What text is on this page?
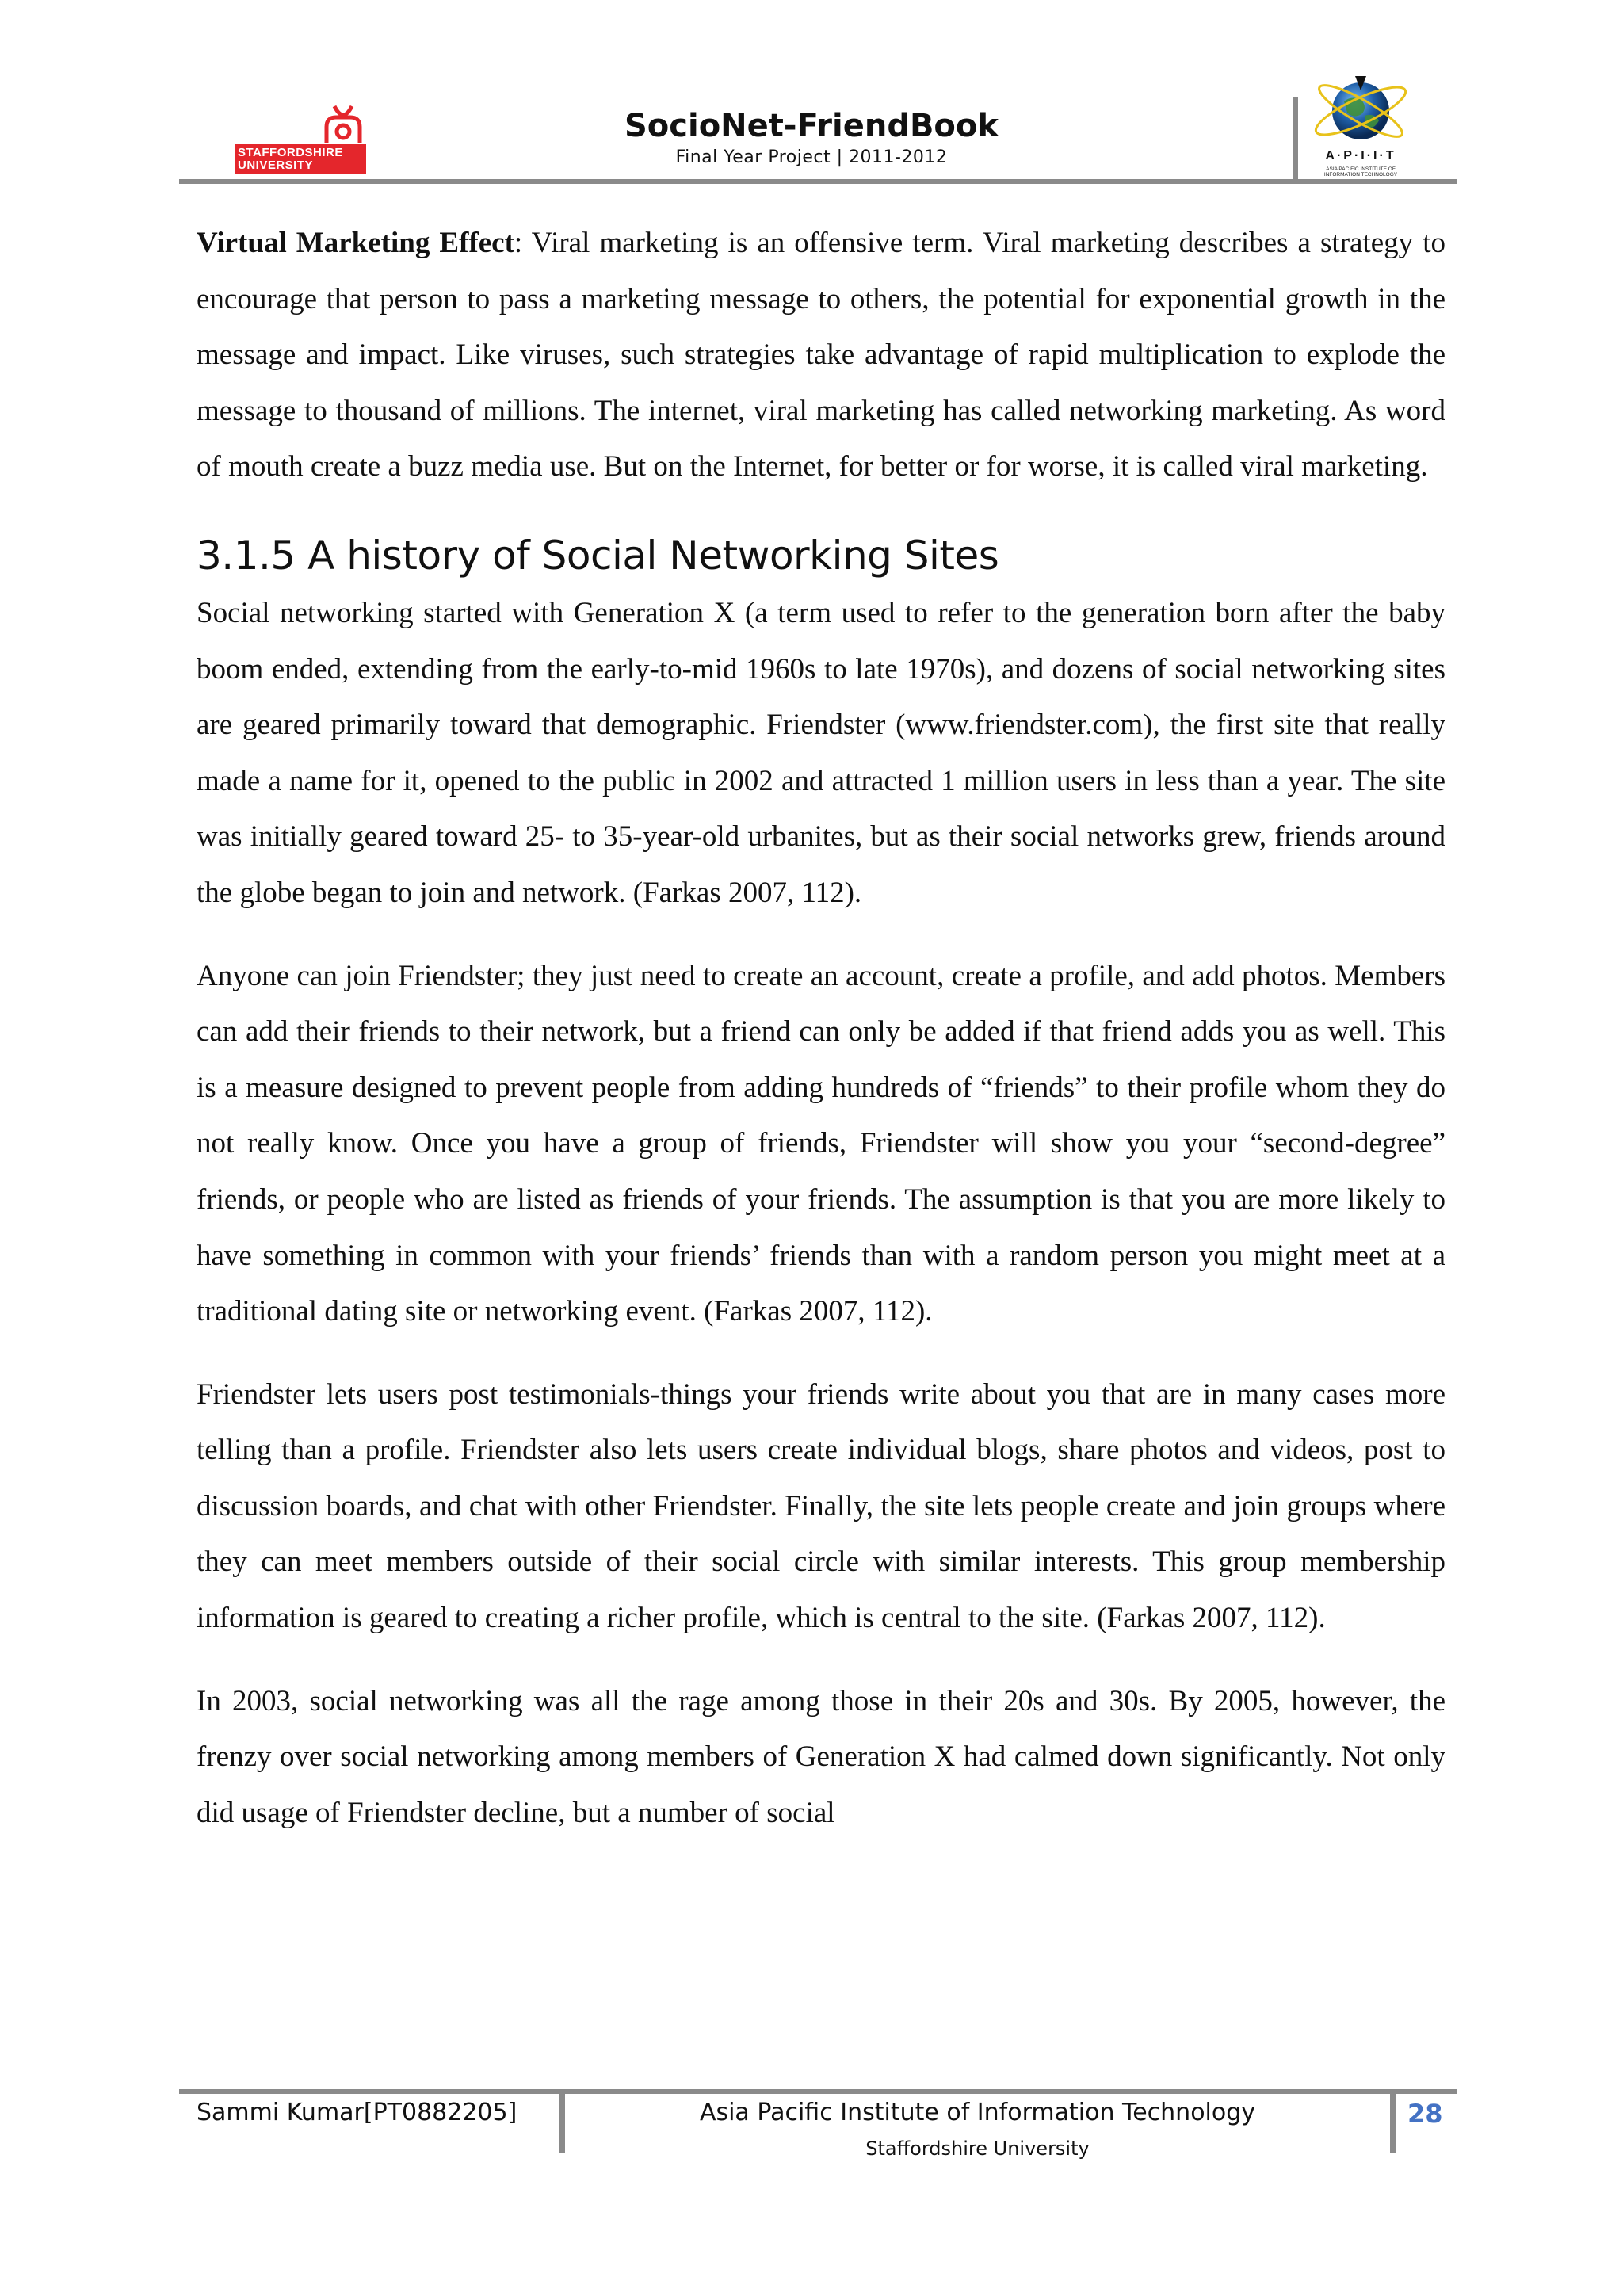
STAFFORDSHIRE UNIVERSITY
SocioNet-FriendBook
Final Year Project | 2011-2012	A·P·I·I·T
ASIA PACIFIC INSTITUTE OF INFORMATION TECHNOLOGY

Virtual Marketing Effect: Viral marketing is an offensive term. Viral marketing describes a strategy to encourage that person to pass a marketing message to others, the potential for exponential growth in the message and impact. Like viruses, such strategies take advantage of rapid multiplication to explode the message to thousand of millions. The internet, viral marketing has called networking marketing. As word of mouth create a buzz media use. But on the Internet, for better or for worse, it is called viral marketing.

3.1.5 A history of Social Networking Sites

Social networking started with Generation X (a term used to refer to the generation born after the baby boom ended, extending from the early-to-mid 1960s to late 1970s), and dozens of social networking sites are geared primarily toward that demographic. Friendster (www.friendster.com), the first site that really made a name for it, opened to the public in 2002 and attracted 1 million users in less than a year. The site was initially geared toward 25- to 35-year-old urbanites, but as their social networks grew, friends around the globe began to join and network. (Farkas 2007, 112).

Anyone can join Friendster; they just need to create an account, create a profile, and add photos. Members can add their friends to their network, but a friend can only be added if that friend adds you as well. This is a measure designed to prevent people from adding hundreds of “friends” to their profile whom they do not really know. Once you have a group of friends, Friendster will show you your “second-degree” friends, or people who are listed as friends of your friends. The assumption is that you are more likely to have something in common with your friends’ friends than with a random person you might meet at a traditional dating site or networking event. (Farkas 2007, 112).

Friendster lets users post testimonials-things your friends write about you that are in many cases more telling than a profile. Friendster also lets users create individual blogs, share photos and videos, post to discussion boards, and chat with other Friendster. Finally, the site lets people create and join groups where they can meet members outside of their social circle with similar interests. This group membership information is geared to creating a richer profile, which is central to the site. (Farkas 2007, 112).

In 2003, social networking was all the rage among those in their 20s and 30s. By 2005, however, the frenzy over social networking among members of Generation X had calmed down significantly. Not only did usage of Friendster decline, but a number of social

Sammi Kumar[PT0882205]	Asia Pacific Institute of Information Technology
Staffordshire University
28
